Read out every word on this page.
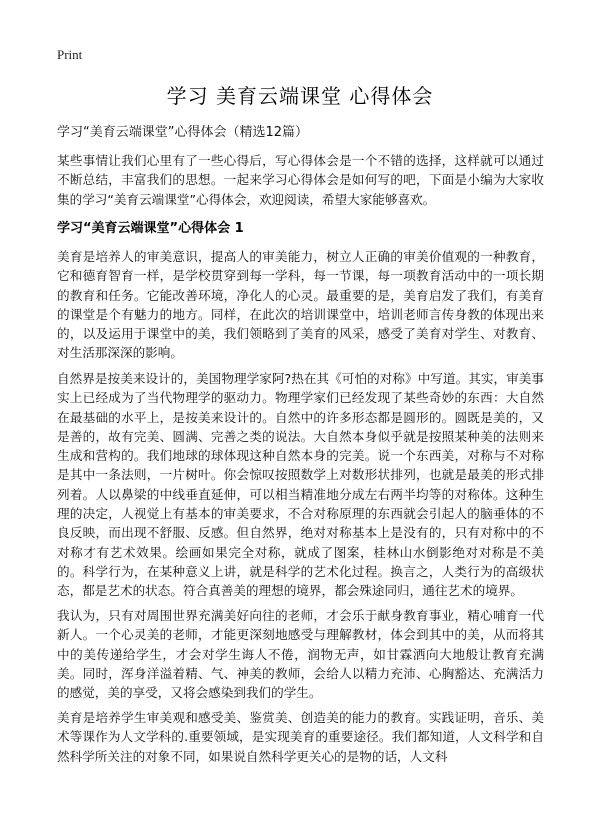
Print
学习 美育云端课堂 心得体会
学习“美育云端课堂”心得体会（精选12篇）

某些事情让我们心里有了一些心得后，写心得体会是一个不错的选择，这样就可以通过不断总结，丰富我们的思想。一起来学习心得体会是如何写的吧，下面是小编为大家收集的学习“美育云端课堂”心得体会，欢迎阅读，希望大家能够喜欢。

学习“美育云端课堂”心得体会 1

美育是培养人的审美意识，提高人的审美能力，树立人正确的审美价值观的一种教育，它和德育智育一样，是学校贯穿到每一学科，每一节课，每一项教育活动中的一项长期的教育和任务。它能改善环境，净化人的心灵。最重要的是，美育启发了我们，有美育的课堂是个有魅力的地方。同样，在此次的培训课堂中，培训老师言传身教的体现出来的，以及运用于课堂中的美，我们领略到了美育的风采，感受了美育对学生、对教育、对生活那深深的影响。

自然界是按美来设计的，美国物理学家阿?热在其《可怕的对称》中写道。其实，审美事实上已经成为了当代物理学的驱动力。物理学家们已经发现了某些奇妙的东西：大自然在最基础的水平上，是按美来设计的。自然中的许多形态都是圆形的。圆既是美的，又是善的，故有完美、圆满、完善之类的说法。大自然本身似乎就是按照某种美的法则来生成和营构的。我们地球的球体现这种自然本身的完美。说一个东西美，对称与不对称是其中一条法则，一片树叶。你会惊叹按照数学上对数形状排列，也就是最美的形式排列着。人以鼻梁的中线垂直延伸，可以相当精准地分成左右两半均等的对称体。这种生理的决定，人视觉上有基本的审美要求，不合对称原理的东西就会引起人的脑垂体的不良反映，而出现不舒服、反感。但自然界，绝对对称基本上是没有的，只有对称中的不对称才有艺术效果。绘画如果完全对称，就成了图案，桂林山水倒影绝对对称是不美的。科学行为，在某种意义上讲，就是科学的艺术化过程。换言之，人类行为的高级状态，都是艺术的状态。符合真善美的理想的境界，都会殊途同归，通往艺术的境界。

我认为，只有对周围世界充满美好向往的老师，才会乐于献身教育事业，精心哺育一代新人。一个心灵美的老师，才能更深刻地感受与理解教材，体会到其中的美，从而将其中的美传递给学生，才会对学生诲人不倦，润物无声，如甘霖洒向大地般让教育充满美。同时，浑身洋溢着精、气、神美的教师，会给人以精力充沛、心胸豁达、充满活力的感觉，美的享受，又将会感染到我们的学生。

美育是培养学生审美观和感受美、鉴赏美、创造美的能力的教育。实践证明，音乐、美术等课作为人文学科的.重要领域，是实现美育的重要途径。我们都知道，人文科学和自然科学所关注的对象不同，如果说自然科学更关心的是物的话，人文科
